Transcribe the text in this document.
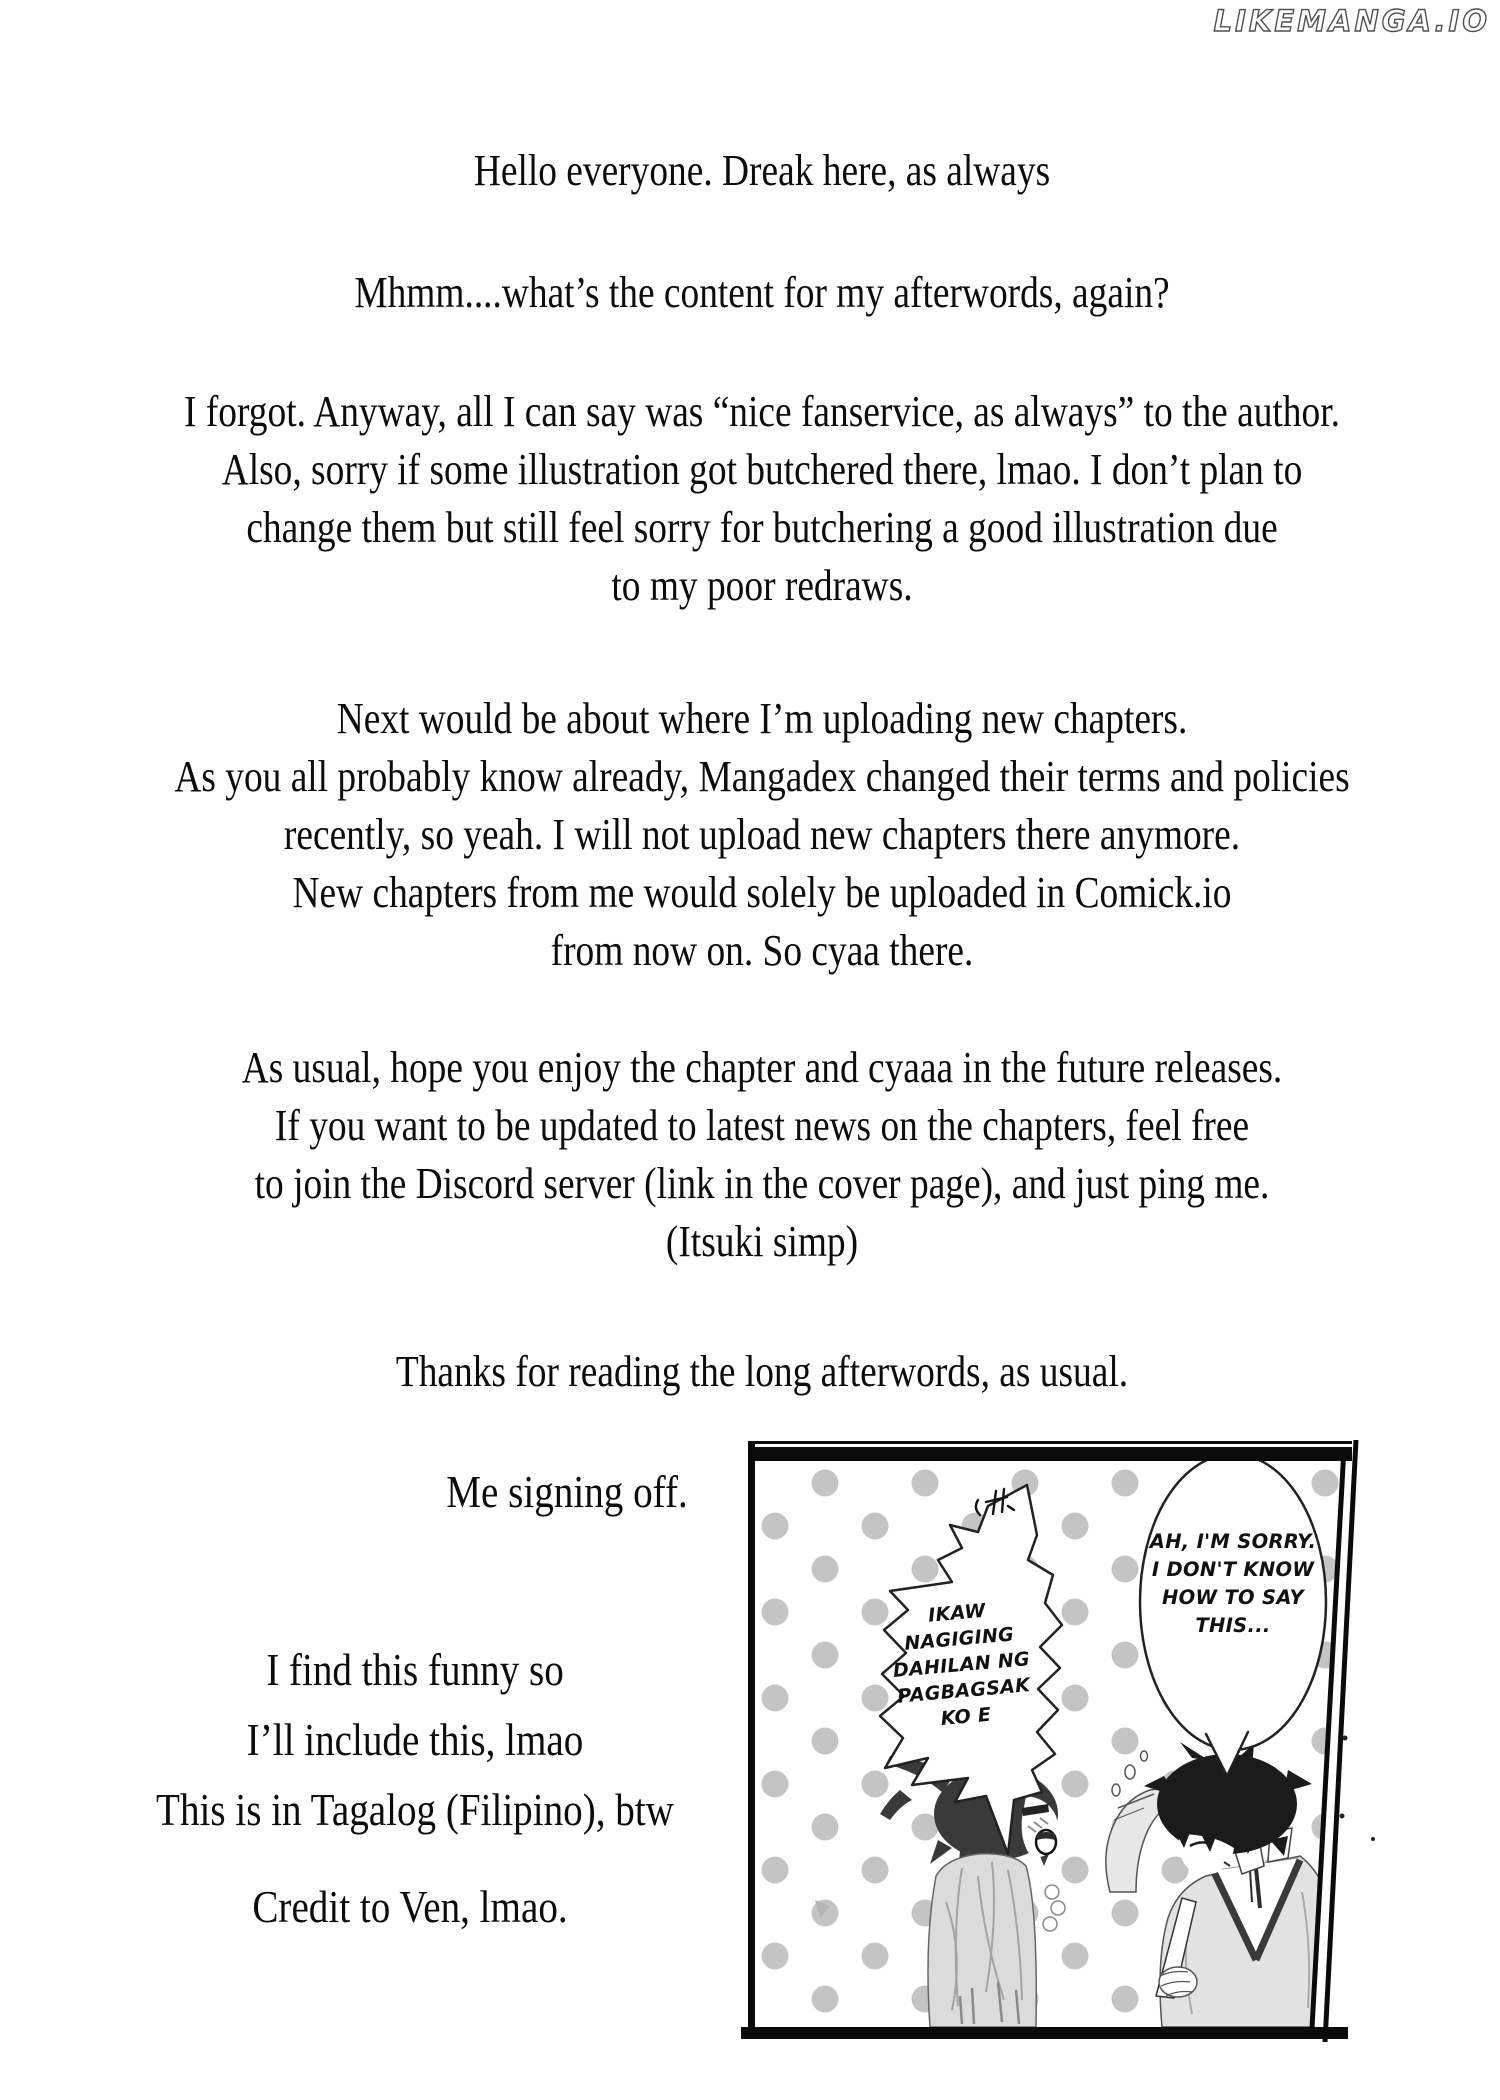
LIKEMANGA.IO
Hello everyone. Dreak here, as always
Mhmm....what’s the content for my afterwords, again?
I forgot. Anyway, all I can say was “nice fanservice, as always” to the author.
Also, sorry if some illustration got butchered there, lmao. I don’t plan to
change them but still feel sorry for butchering a good illustration due
to my poor redraws.
Next would be about where I’m uploading new chapters.
As you all probably know already, Mangadex changed their terms and policies
recently, so yeah. I will not upload new chapters there anymore.
New chapters from me would solely be uploaded in Comick.io
from now on. So cyaa there.
As usual, hope you enjoy the chapter and cyaaa in the future releases.
If you want to be updated to latest news on the chapters, feel free
to join the Discord server (link in the cover page), and just ping me.
(Itsuki simp)
Thanks for reading the long afterwords, as usual.
Me signing off.
I find this funny so
I’ll include this, lmao
This is in Tagalog (Filipino), btw
Credit to Ven, lmao.
IKAW
NAGIGING
DAHILAN NG
PAGBAGSAK
KO E
AH, I'M SORRY.
I DON'T KNOW
HOW TO SAY
THIS...
